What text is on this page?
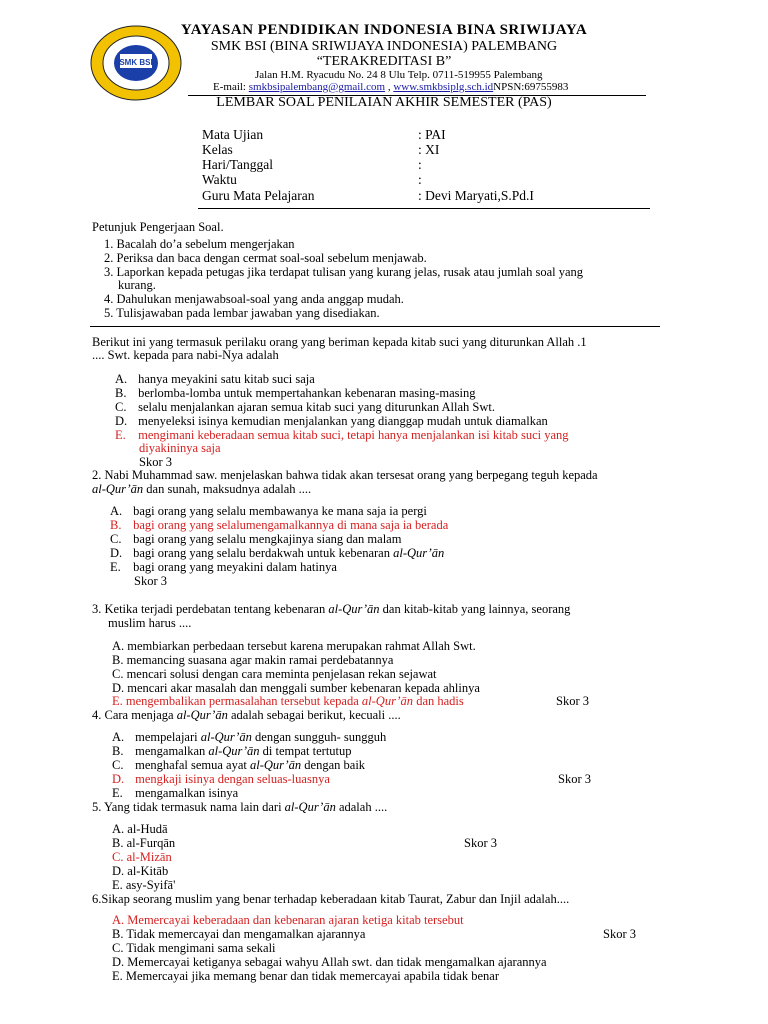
SMK BSI
YAYASAN PENDIDIKAN INDONESIA BINA SRIWIJAYA
SMK BSI (BINA SRIWIJAYA INDONESIA) PALEMBANG
“TERAKREDITASI B”
Jalan H.M. Ryacudu No. 24 8 Ulu Telp. 0711-519955 Palembang
E-mail: smkbsipalembang@gmail.com , www.smkbsiplg.sch.idNPSN:69755983
LEMBAR SOAL PENILAIAN AKHIR SEMESTER (PAS)
Mata Ujian	: PAI
Kelas	: XI
Hari/Tanggal	:
Waktu	:
Guru Mata Pelajaran	: Devi Maryati,S.Pd.I
Petunjuk Pengerjaan Soal.
1. Bacalah do’a sebelum mengerjakan
2. Periksa dan baca dengan cermat soal-soal sebelum menjawab.
3. Laporkan kepada petugas jika terdapat tulisan yang kurang jelas, rusak atau jumlah soal yang
kurang.
4. Dahulukan menjawabsoal-soal yang anda anggap mudah.
5. Tulisjawaban pada lembar jawaban yang disediakan.
Berikut ini yang termasuk perilaku orang yang beriman kepada kitab suci yang diturunkan Allah .1
.... Swt. kepada para nabi-Nya adalah
A. hanya meyakini satu kitab suci saja
B. berlomba-lomba untuk mempertahankan kebenaran masing-masing
C. selalu menjalankan ajaran semua kitab suci yang diturunkan Allah Swt.
D. menyeleksi isinya kemudian menjalankan yang dianggap mudah untuk diamalkan
E. mengimani keberadaan semua kitab suci, tetapi hanya menjalankan isi kitab suci yang
diyakininya saja
Skor 3
2. Nabi Muhammad saw. menjelaskan bahwa tidak akan tersesat orang yang berpegang teguh kepada
al-Qur’ān dan sunah, maksudnya adalah ....
A. bagi orang yang selalu membawanya ke mana saja ia pergi
B. bagi orang yang selalumengamalkannya di mana saja ia berada
C. bagi orang yang selalu mengkajinya siang dan malam
D. bagi orang yang selalu berdakwah untuk kebenaran al-Qur’ān
E. bagi orang yang meyakini dalam hatinya
Skor 3
3. Ketika terjadi perdebatan tentang kebenaran al-Qur’ān dan kitab-kitab yang lainnya, seorang
muslim harus ....
A. membiarkan perbedaan tersebut karena merupakan rahmat Allah Swt.
B. memancing suasana agar makin ramai perdebatannya
C. mencari solusi dengan cara meminta penjelasan rekan sejawat
D. mencari akar masalah dan menggali sumber kebenaran kepada ahlinya
E. mengembalikan permasalahan tersebut kepada al-Qur’ān dan hadis	Skor 3
4. Cara menjaga al-Qur’ān adalah sebagai berikut, kecuali ....
A. mempelajari al-Qur’ān dengan sungguh- sungguh
B. mengamalkan al-Qur’ān di tempat tertutup
C. menghafal semua ayat al-Qur’ān dengan baik
D. mengkaji isinya dengan seluas-luasnya	Skor 3
E. mengamalkan isinya
5. Yang tidak termasuk nama lain dari al-Qur’ān adalah ....
A. al-Hudā
B. al-Furqān	Skor 3
C. al-Mizān
D. al-Kitāb
E. asy-Syifā'
6.Sikap seorang muslim yang benar terhadap keberadaan kitab Taurat, Zabur dan Injil adalah....
A. Memercayai keberadaan dan kebenaran ajaran ketiga kitab tersebut
B. Tidak memercayai dan mengamalkan ajarannya	Skor 3
C. Tidak mengimani sama sekali
D. Memercayai ketiganya sebagai wahyu Allah swt. dan tidak mengamalkan ajarannya
E. Memercayai jika memang benar dan tidak memercayai apabila tidak benar
